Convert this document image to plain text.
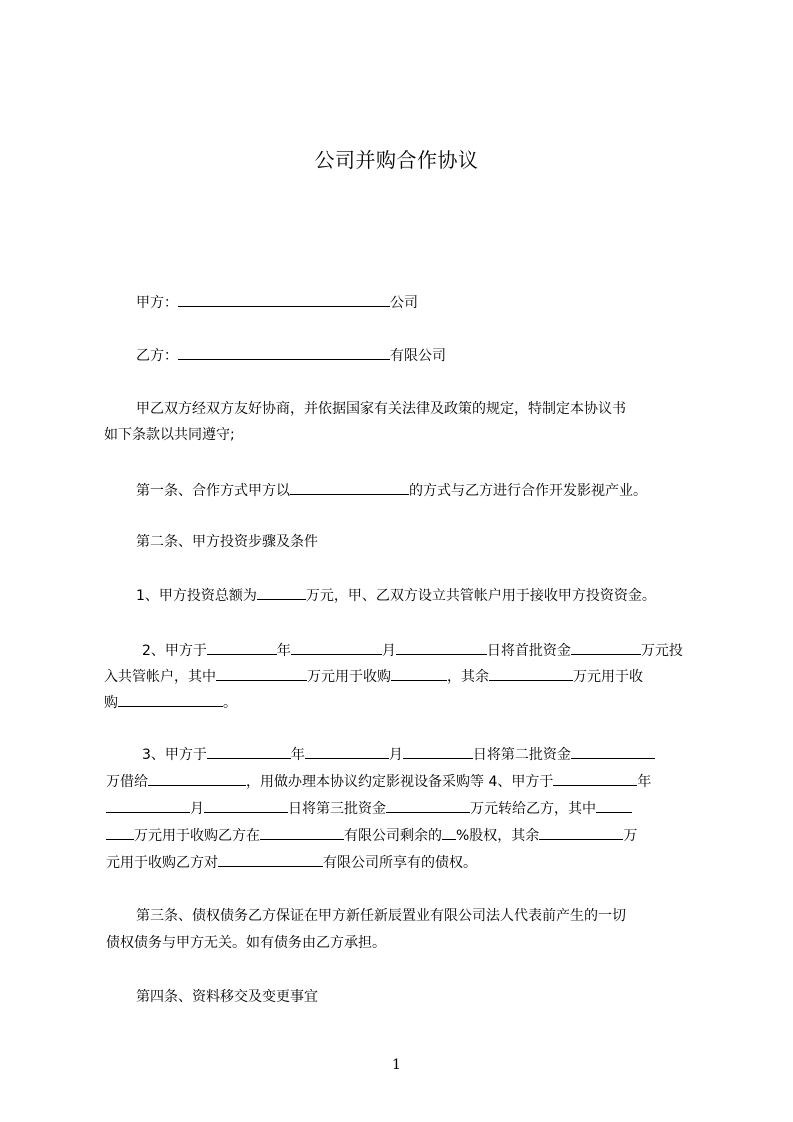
公司并购合作协议
甲方：	公司
乙方：	有限公司
甲乙双方经双方友好协商，并依据国家有关法律及政策的规定，特制定本协议书
如下条款以共同遵守;
第一条、合作方式甲方以	的方式与乙方进行合作开发影视产业。
第二条、甲方投资步骤及条件
1、甲方投资总额为	万元，甲、乙双方设立共管帐户用于接收甲方投资资金。
2、甲方于	年	月	日将首批资金	万元投
入共管帐户，其中	万元用于收购	，其余	万元用于收
购	。
3、甲方于	年	月	日将第二批资金
万借给	，用做办理本协议约定影视设备采购等 4、甲方于	年
月	日将第三批资金	万元转给乙方，其中
万元用于收购乙方在	有限公司剩余的 %股权，其余	万
元用于收购乙方对	有限公司所享有的债权。
第三条、债权债务乙方保证在甲方新任新辰置业有限公司法人代表前产生的一切
债权债务与甲方无关。如有债务由乙方承担。
第四条、资料移交及变更事宜
1
